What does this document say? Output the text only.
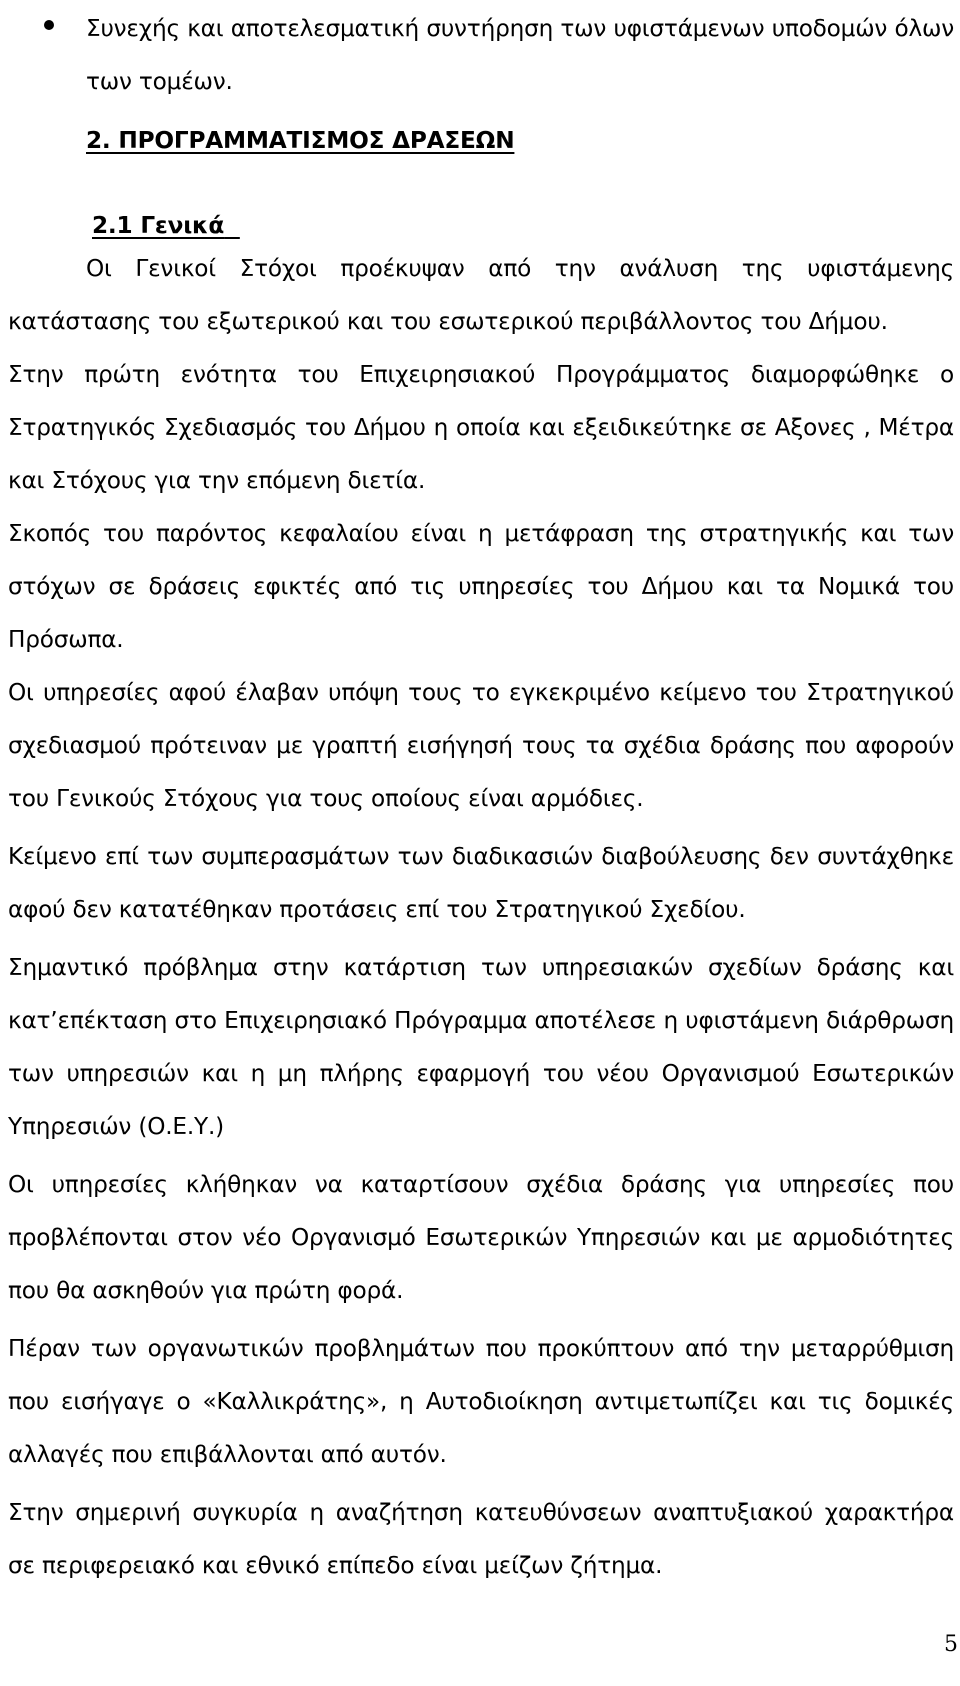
Συνεχής και αποτελεσματική συντήρηση των υφιστάμενων υποδομών όλων των τομέων.
2. ΠΡΟΓΡΑΜΜΑΤΙΣΜΟΣ ΔΡΑΣΕΩΝ
2.1 Γενικά

Οι Γενικοί Στόχοι προέκυψαν από την ανάλυση της υφιστάμενης κατάστασης του εξωτερικού και του εσωτερικού περιβάλλοντος του Δήμου.

Στην πρώτη ενότητα του Επιχειρησιακού Προγράμματος διαμορφώθηκε ο Στρατηγικός Σχεδιασμός του Δήμου η οποία και εξειδικεύτηκε σε Αξονες , Μέτρα και Στόχους για την επόμενη διετία.

Σκοπός του παρόντος κεφαλαίου είναι η μετάφραση της στρατηγικής και των στόχων σε δράσεις εφικτές από τις υπηρεσίες του Δήμου και τα Νομικά του Πρόσωπα.

Οι υπηρεσίες αφού έλαβαν υπόψη τους το εγκεκριμένο κείμενο του Στρατηγικού σχεδιασμού πρότειναν με γραπτή εισήγησή τους τα σχέδια δράσης που αφορούν του Γενικούς Στόχους για τους οποίους είναι αρμόδιες.

Κείμενο επί των συμπερασμάτων των διαδικασιών διαβούλευσης δεν συντάχθηκε αφού δεν κατατέθηκαν προτάσεις επί του Στρατηγικού Σχεδίου.

Σημαντικό πρόβλημα στην κατάρτιση των υπηρεσιακών σχεδίων δράσης και κατ’επέκταση στο Επιχειρησιακό Πρόγραμμα αποτέλεσε η υφιστάμενη διάρθρωση των υπηρεσιών και η μη πλήρης εφαρμογή του νέου Οργανισμού Εσωτερικών Υπηρεσιών (Ο.Ε.Υ.)

Οι υπηρεσίες κλήθηκαν να καταρτίσουν σχέδια δράσης για υπηρεσίες που προβλέπονται στον νέο Οργανισμό Εσωτερικών Υπηρεσιών και με αρμοδιότητες που θα ασκηθούν για πρώτη φορά.

Πέραν των οργανωτικών προβλημάτων που προκύπτουν από την μεταρρύθμιση που εισήγαγε ο «Καλλικράτης», η Αυτοδιοίκηση αντιμετωπίζει και τις δομικές αλλαγές που επιβάλλονται από αυτόν.

Στην σημερινή συγκυρία η αναζήτηση κατευθύνσεων αναπτυξιακού χαρακτήρα σε περιφερειακό και εθνικό επίπεδο είναι μείζων ζήτημα.

5
